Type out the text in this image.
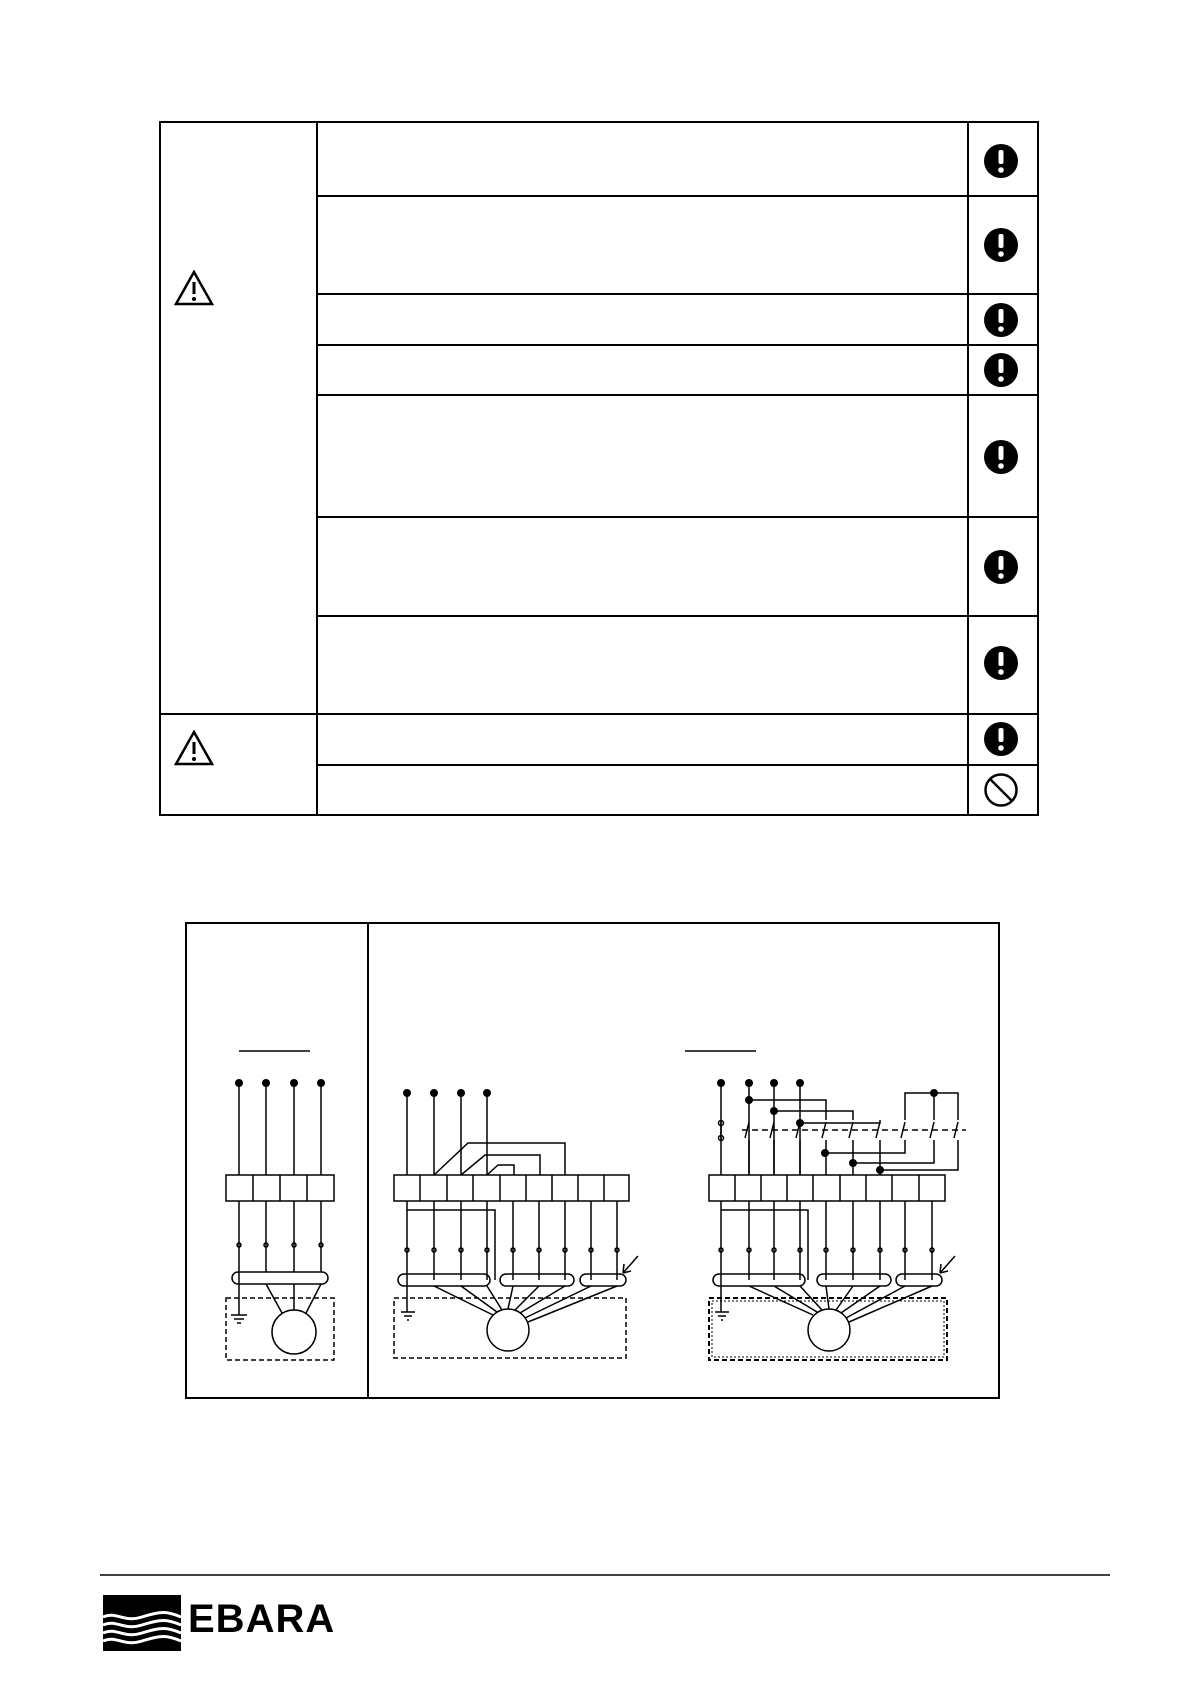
EBARA
